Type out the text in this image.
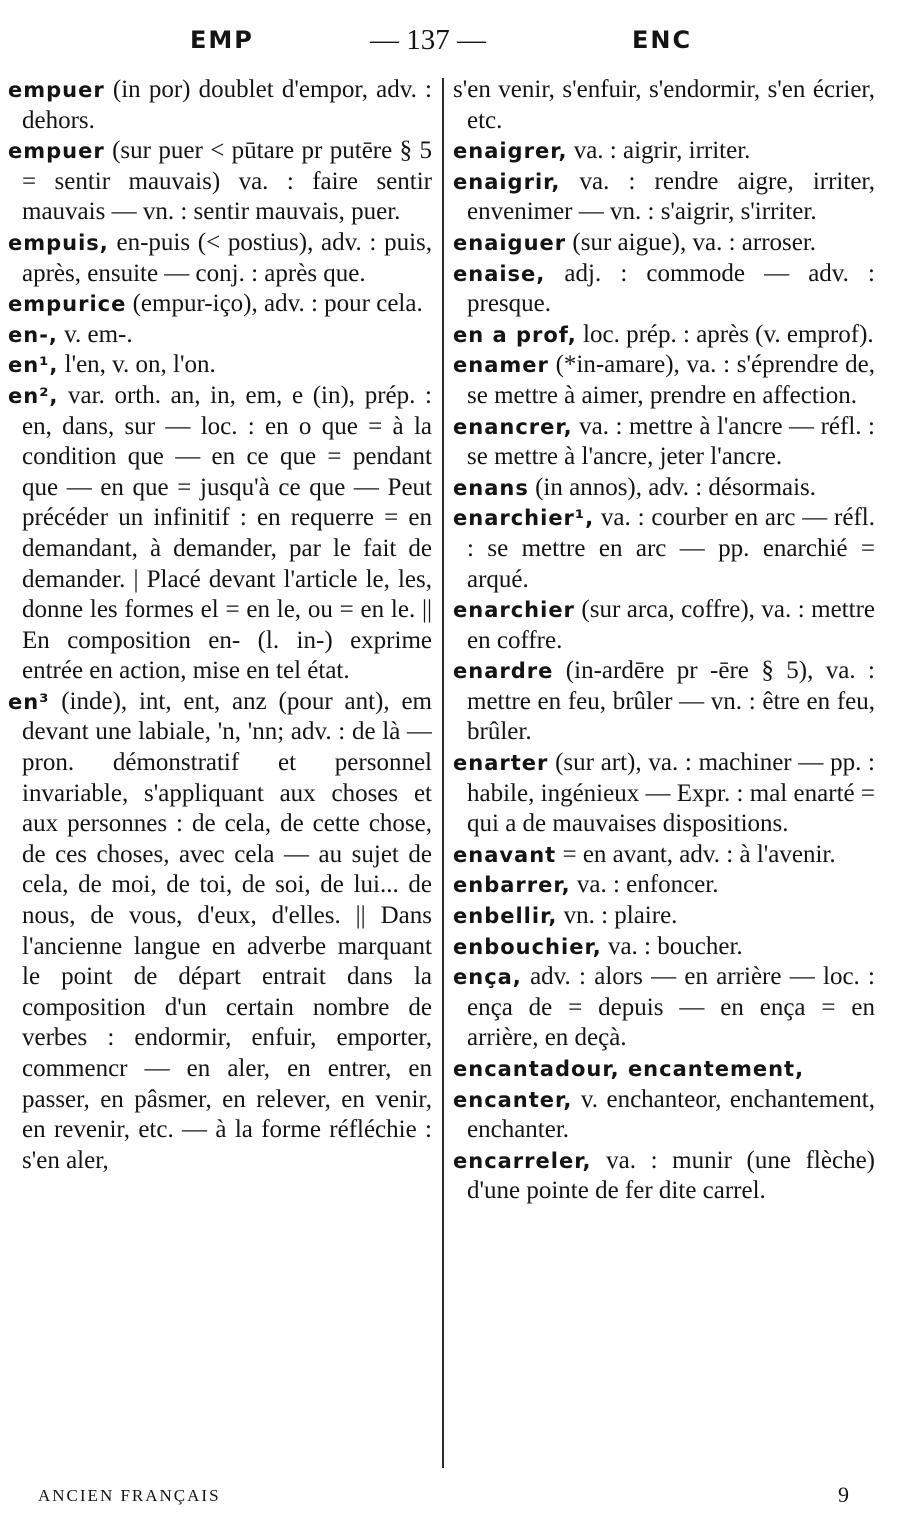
EMP	— 137 —	ENC

empuer (in por) doublet d'empor, adv. : dehors.

empuer (sur puer < pūtare pr putēre § 5 = sentir mauvais) va. : faire sentir mauvais — vn. : sentir mauvais, puer.

empuis, en-puis (< postius), adv. : puis, après, ensuite — conj. : après que.

empurice (empur-iço), adv. : pour cela.

en-, v. em-.

en¹, l'en, v. on, l'on.

en², var. orth. an, in, em, e (in), prép. : en, dans, sur — loc. : en o que = à la condition que — en ce que = pendant que — en que = jusqu'à ce que — Peut précéder un infinitif : en requerre = en demandant, à demander, par le fait de demander. | Placé devant l'article le, les, donne les formes el = en le, ou = en le. || En composition en- (l. in-) exprime entrée en action, mise en tel état.

en³ (inde), int, ent, anz (pour ant), em devant une labiale, 'n, 'nn; adv. : de là — pron. démonstratif et personnel invariable, s'appliquant aux choses et aux personnes : de cela, de cette chose, de ces choses, avec cela — au sujet de cela, de moi, de toi, de soi, de lui... de nous, de vous, d'eux, d'elles. || Dans l'ancienne langue en adverbe marquant le point de départ entrait dans la composition d'un certain nombre de verbes : endormir, enfuir, emporter, commencr — en aler, en entrer, en passer, en pâsmer, en relever, en venir, en revenir, etc. — à la forme réfléchie : s'en aler,

s'en venir, s'enfuir, s'endormir, s'en écrier, etc.

enaigrer, va. : aigrir, irriter.

enaigrir, va. : rendre aigre, irriter, envenimer — vn. : s'aigrir, s'irriter.

enaiguer (sur aigue), va. : arroser.

enaise, adj. : commode — adv. : presque.

en a prof, loc. prép. : après (v. emprof).

enamer (*in-amare), va. : s'éprendre de, se mettre à aimer, prendre en affection.

enancrer, va. : mettre à l'ancre — réfl. : se mettre à l'ancre, jeter l'ancre.

enans (in annos), adv. : désormais.

enarchier¹, va. : courber en arc — réfl. : se mettre en arc — pp. enarchié = arqué.

enarchier (sur arca, coffre), va. : mettre en coffre.

enardre (in-ardēre pr -ēre § 5), va. : mettre en feu, brûler — vn. : être en feu, brûler.

enarter (sur art), va. : machiner — pp. : habile, ingénieux — Expr. : mal enarté = qui a de mauvaises dispositions.

enavant = en avant, adv. : à l'avenir.

enbarrer, va. : enfoncer.

enbellir, vn. : plaire.

enbouchier, va. : boucher.

ença, adv. : alors — en arrière — loc. : ença de = depuis — en ença = en arrière, en deçà.

encantadour, encantement,

encanter, v. enchanteor, enchantement, enchanter.

encarreler, va. : munir (une flèche) d'une pointe de fer dite carrel.

ANCIEN FRANÇAIS	9
